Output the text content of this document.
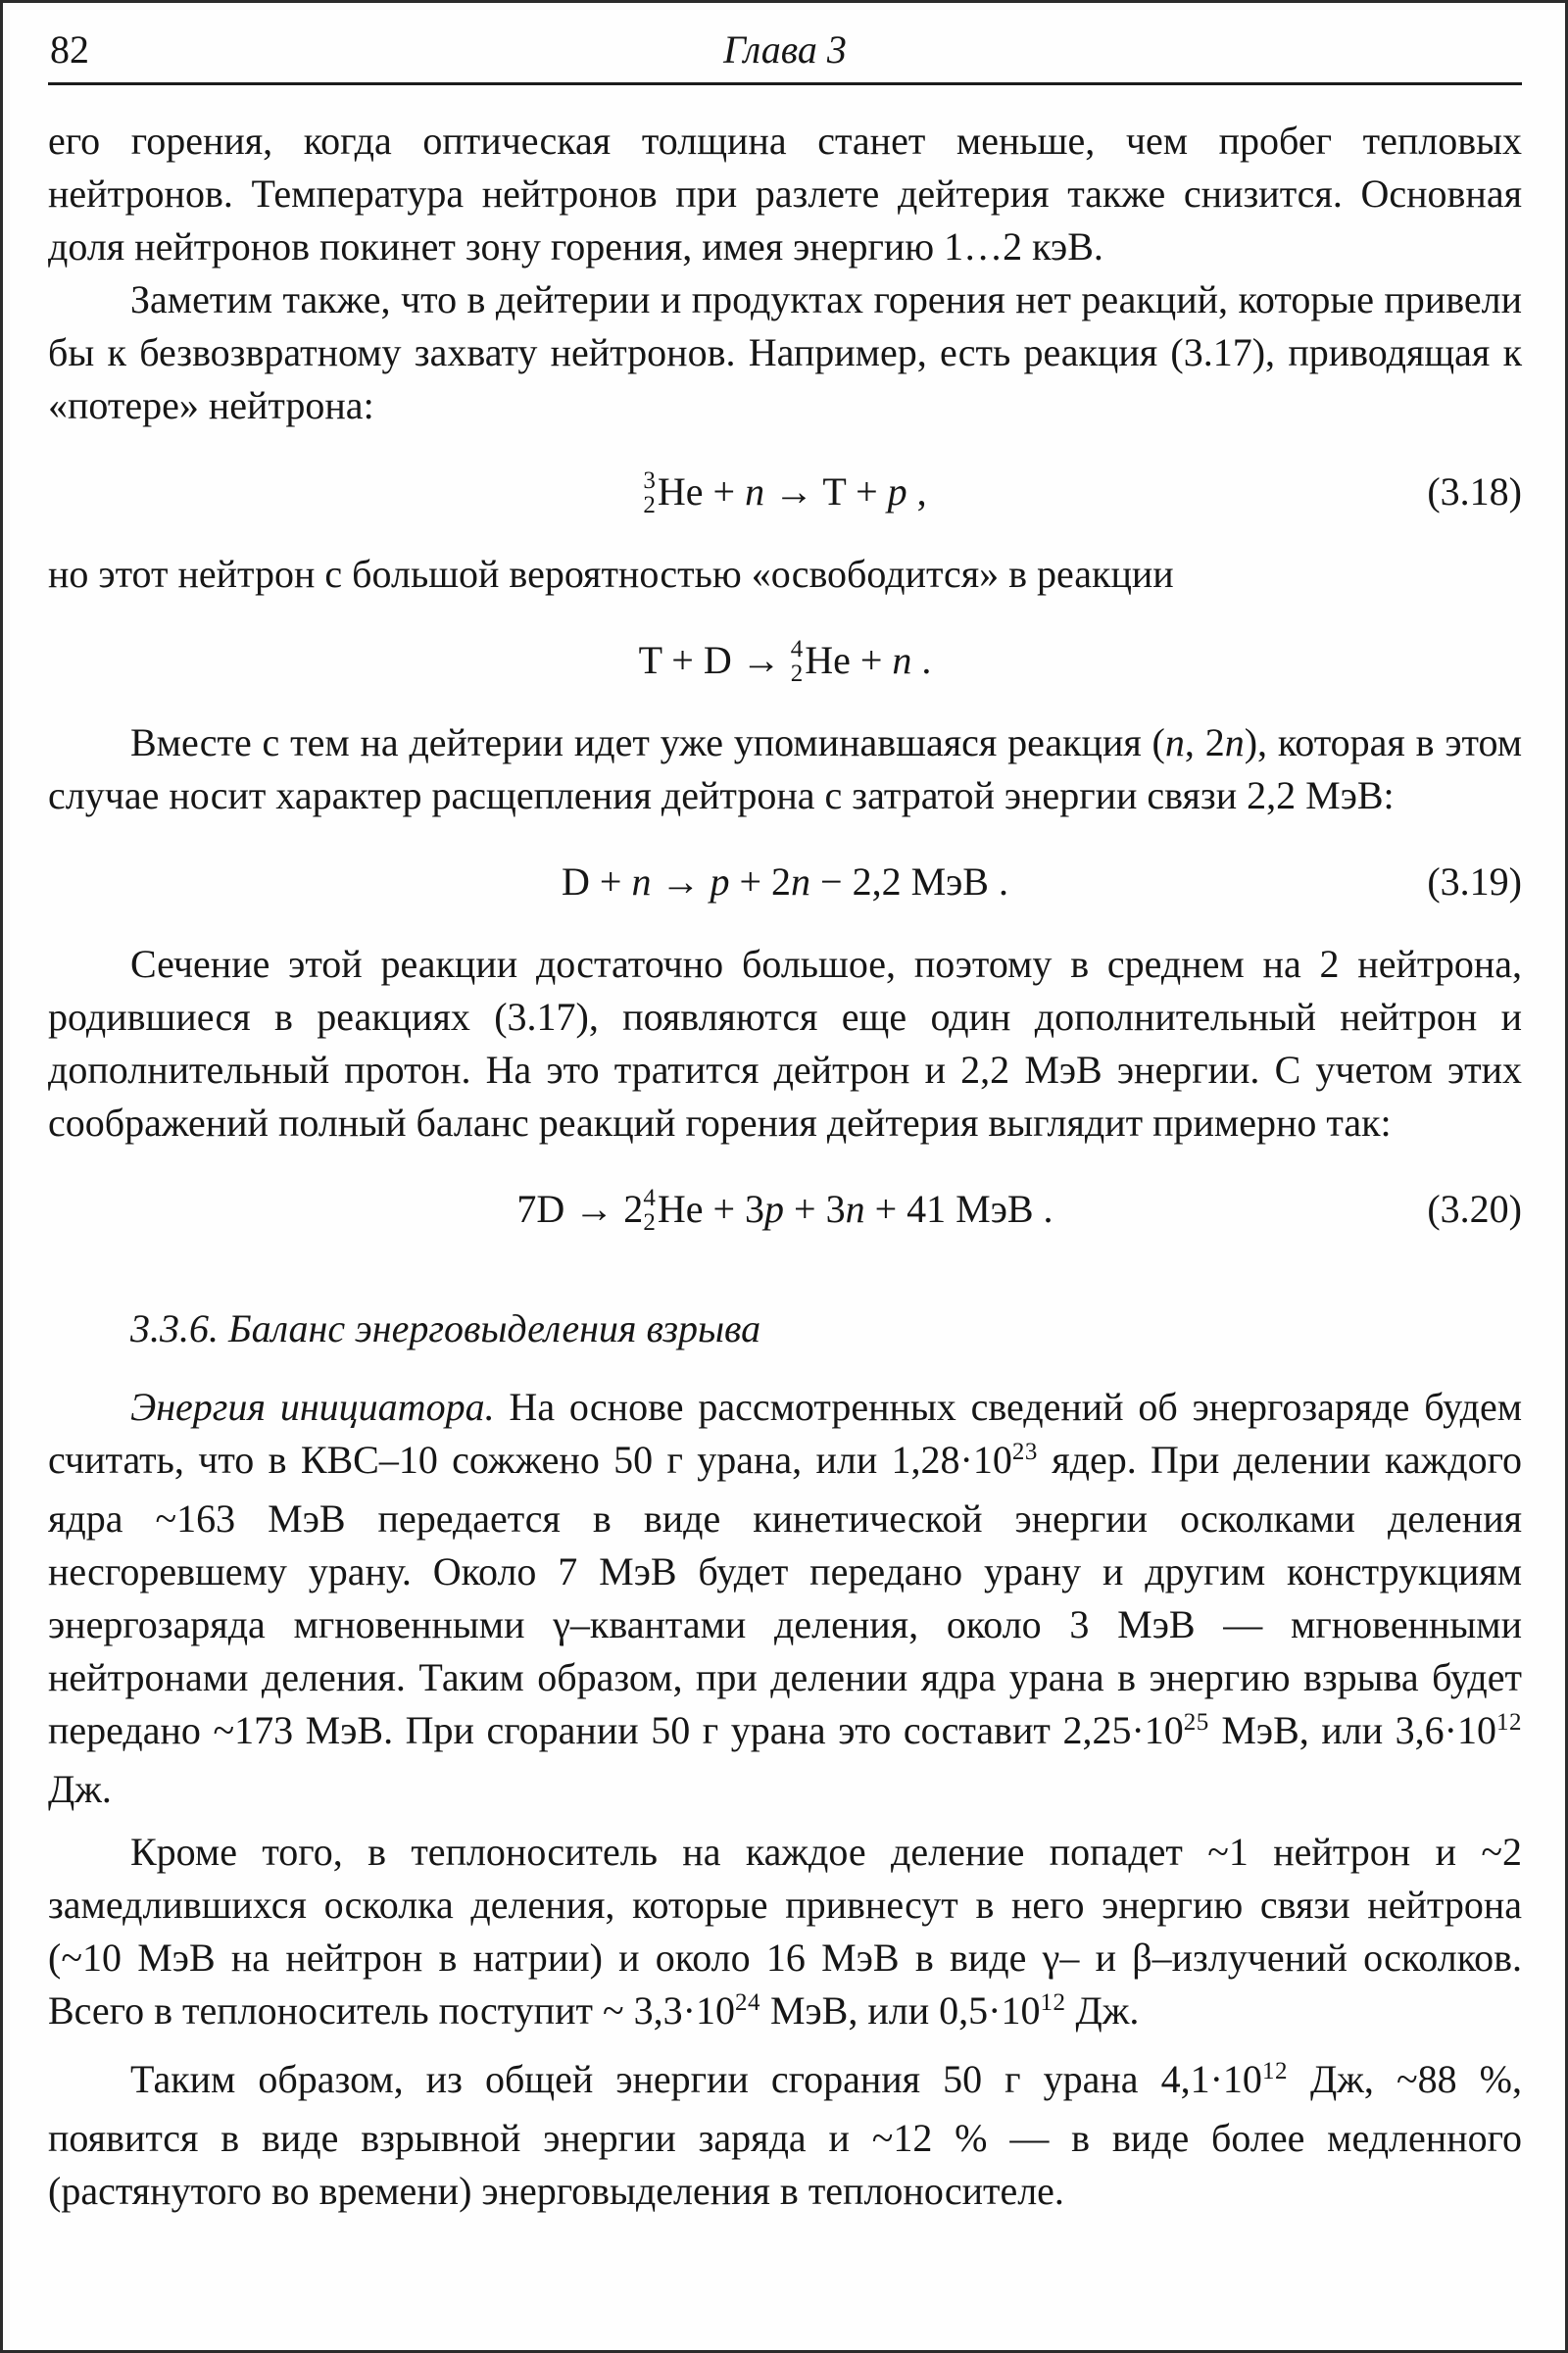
82	Глава 3

его горения, когда оптическая толщина станет меньше, чем пробег тепловых нейтронов. Температура нейтронов при разлете дейтерия также снизится. Основная доля нейтронов покинет зону горения, имея энергию 1…2 кэВ.

Заметим также, что в дейтерии и продуктах горения нет реакций, которые привели бы к безвозвратному захвату нейтронов. Например, есть реакция (3.17), приводящая к «потере» нейтрона:

3
2 He + n → T + p ,	(3.18)

но этот нейтрон с большой вероятностью «освободится» в реакции

T + D → 4
2 He + n .

Вместе с тем на дейтерии идет уже упоминавшаяся реакция (n, 2n), которая в этом случае носит характер расщепления дейтрона с затратой энергии связи 2,2 МэВ:

D + n → p + 2n − 2,2 МэВ .	(3.19)

Сечение этой реакции достаточно большое, поэтому в среднем на 2 нейтрона, родившиеся в реакциях (3.17), появляются еще один дополнительный нейтрон и дополнительный протон. На это тратится дейтрон и 2,2 МэВ энергии. С учетом этих соображений полный баланс реакций горения дейтерия выглядит примерно так:

7D → 2 4
2 He + 3p + 3n + 41 МэВ .	(3.20)
3.3.6. Баланс энерговыделения взрыва

Энергия инициатора. На основе рассмотренных сведений об энергозаряде будем считать, что в КВС–10 сожжено 50 г урана, или $1,28\cdot 10^{23}$ ядер. При делении каждого ядра ~163 МэВ передается в виде кинетической энергии осколками деления несгоревшему урану. Около 7 МэВ будет передано урану и другим конструкциям энергозаряда мгновенными γ–квантами деления, около 3 МэВ — мгновенными нейтронами деления. Таким образом, при делении ядра урана в энергию взрыва будет передано ~173 МэВ. При сгорании 50 г урана это составит $2,25\cdot 10^{25}$ МэВ, или $3,6\cdot 10^{12}$ Дж.

Кроме того, в теплоноситель на каждое деление попадет ~1 нейтрон и ~2 замедлившихся осколка деления, которые привнесут в него энергию связи нейтрона (~10 МэВ на нейтрон в натрии) и около 16 МэВ в виде γ– и β–излучений осколков. Всего в теплоноситель поступит ~ $3,3\cdot 10^{24}$ МэВ, или $0,5\cdot 10^{12}$ Дж.

Таким образом, из общей энергии сгорания 50 г урана $4,1\cdot 10^{12}$ Дж, ~88 %, появится в виде взрывной энергии заряда и ~12 % — в виде более медленного (растянутого во времени) энерговыделения в теплоносителе.
